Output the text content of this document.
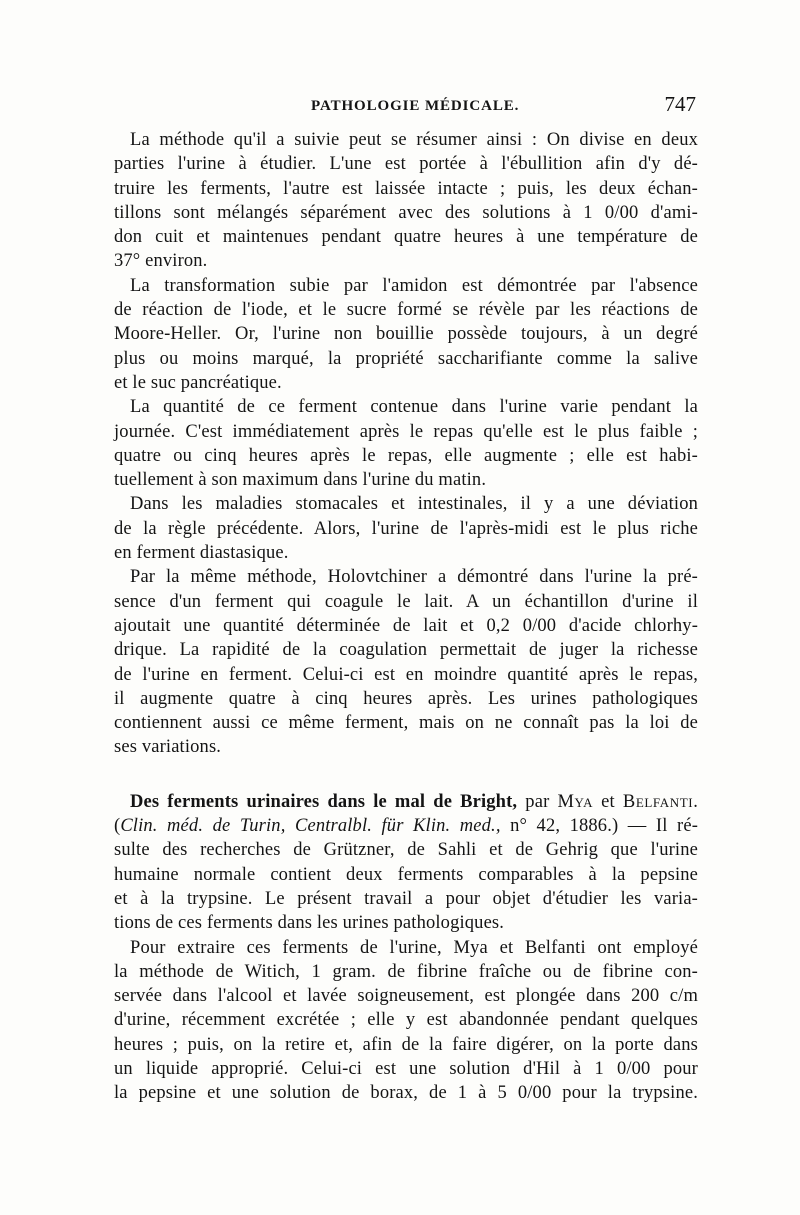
PATHOLOGIE MÉDICALE.	747
La méthode qu'il a suivie peut se résumer ainsi : On divise en deux
parties l'urine à étudier. L'une est portée à l'ébullition afin d'y dé-
truire les ferments, l'autre est laissée intacte ; puis, les deux échan-
tillons sont mélangés séparément avec des solutions à 1 0/00 d'ami-
don cuit et maintenues pendant quatre heures à une température de
37° environ.
La transformation subie par l'amidon est démontrée par l'absence
de réaction de l'iode, et le sucre formé se révèle par les réactions de
Moore-Heller. Or, l'urine non bouillie possède toujours, à un degré
plus ou moins marqué, la propriété saccharifiante comme la salive
et le suc pancréatique.
La quantité de ce ferment contenue dans l'urine varie pendant la
journée. C'est immédiatement après le repas qu'elle est le plus faible ;
quatre ou cinq heures après le repas, elle augmente ; elle est habi-
tuellement à son maximum dans l'urine du matin.
Dans les maladies stomacales et intestinales, il y a une déviation
de la règle précédente. Alors, l'urine de l'après-midi est le plus riche
en ferment diastasique.
Par la même méthode, Holovtchiner a démontré dans l'urine la pré-
sence d'un ferment qui coagule le lait. A un échantillon d'urine il
ajoutait une quantité déterminée de lait et 0,2 0/00 d'acide chlorhy-
drique. La rapidité de la coagulation permettait de juger la richesse
de l'urine en ferment. Celui-ci est en moindre quantité après le repas,
il augmente quatre à cinq heures après. Les urines pathologiques
contiennent aussi ce même ferment, mais on ne connaît pas la loi de
ses variations.
Des ferments urinaires dans le mal de Bright, par Mya et Belfanti.
(Clin. méd. de Turin, Centralbl. für Klin. med., n° 42, 1886.) — Il ré-
sulte des recherches de Grützner, de Sahli et de Gehrig que l'urine
humaine normale contient deux ferments comparables à la pepsine
et à la trypsine. Le présent travail a pour objet d'étudier les varia-
tions de ces ferments dans les urines pathologiques.
Pour extraire ces ferments de l'urine, Mya et Belfanti ont employé
la méthode de Witich, 1 gram. de fibrine fraîche ou de fibrine con-
servée dans l'alcool et lavée soigneusement, est plongée dans 200 c/m
d'urine, récemment excrétée ; elle y est abandonnée pendant quelques
heures ; puis, on la retire et, afin de la faire digérer, on la porte dans
un liquide approprié. Celui-ci est une solution d'Hil à 1 0/00 pour
la pepsine et une solution de borax, de 1 à 5 0/00 pour la trypsine.
